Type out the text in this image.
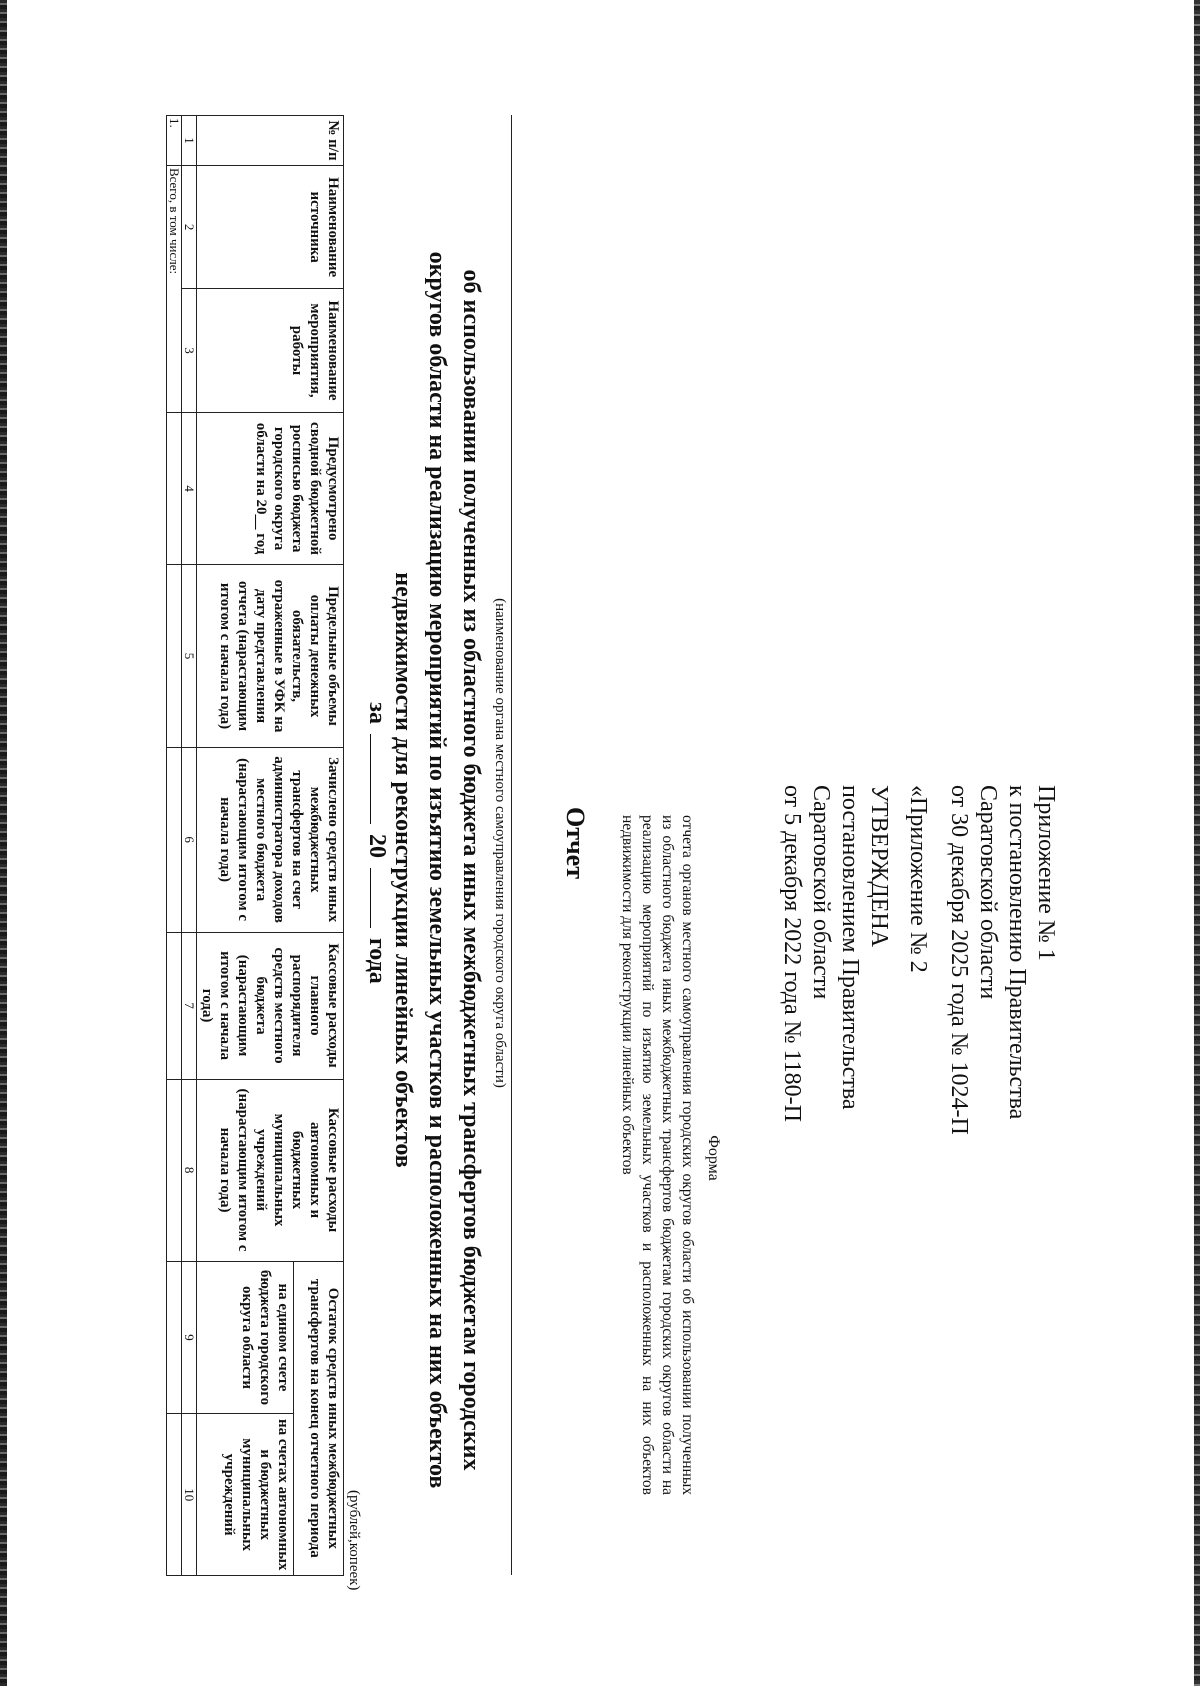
Приложение № 1
к постановлению Правительства
Саратовской области
от 30 декабря 2025 года № 1024-П
«Приложение № 2
УТВЕРЖДЕНА
постановлением Правительства
Саратовской области
от 5 декабря 2022 года № 1180-П
Форма
отчета органов местного самоуправления городских округов области об использовании полученных из областного бюджета иных межбюджетных трансфертов бюджетам городских округов области на реализацию мероприятий по изъятию земельных участков и расположенных на них объектов недвижимости для реконструкции линейных объектов
Отчет
(наименование органа местного самоуправления городского округа области)
об использовании полученных из областного бюджета иных межбюджетных трансфертов бюджетам городских
округов области на реализацию мероприятий по изъятию земельных участков и расположенных на них объектов
недвижимости для реконструкции линейных объектов
за  20  года
(рублей,копеек)
№ п/п	Наименование источника	Наименование мероприятия, работы	Предусмотрено сводной бюджетной росписью бюджета городского округа области на 20__ год	Предельные объемы оплаты денежных обязательств, отраженные в УФК на дату представления отчета (нарастающим итогом с начала года)	Зачислено средств иных межбюджетных трансфертов на счет администратора доходов местного бюджета (нарастающим итогом с начала года)	Кассовые расходы главного распорядителя средств местного бюджета (нарастающим итогом с начала года)	Кассовые расходы автономных и бюджетных муниципальных учреждений (нарастающим итогом с начала года)	Остаток средств иных межбюджетных трансфертов на конец отчетного периода	
								на едином счете бюджета городского округа области	на счетах автономных и бюджетных муниципальных учреждений
1	2	3	4	5	6	7	8	9	10
1.	Всего, в том числе:								
